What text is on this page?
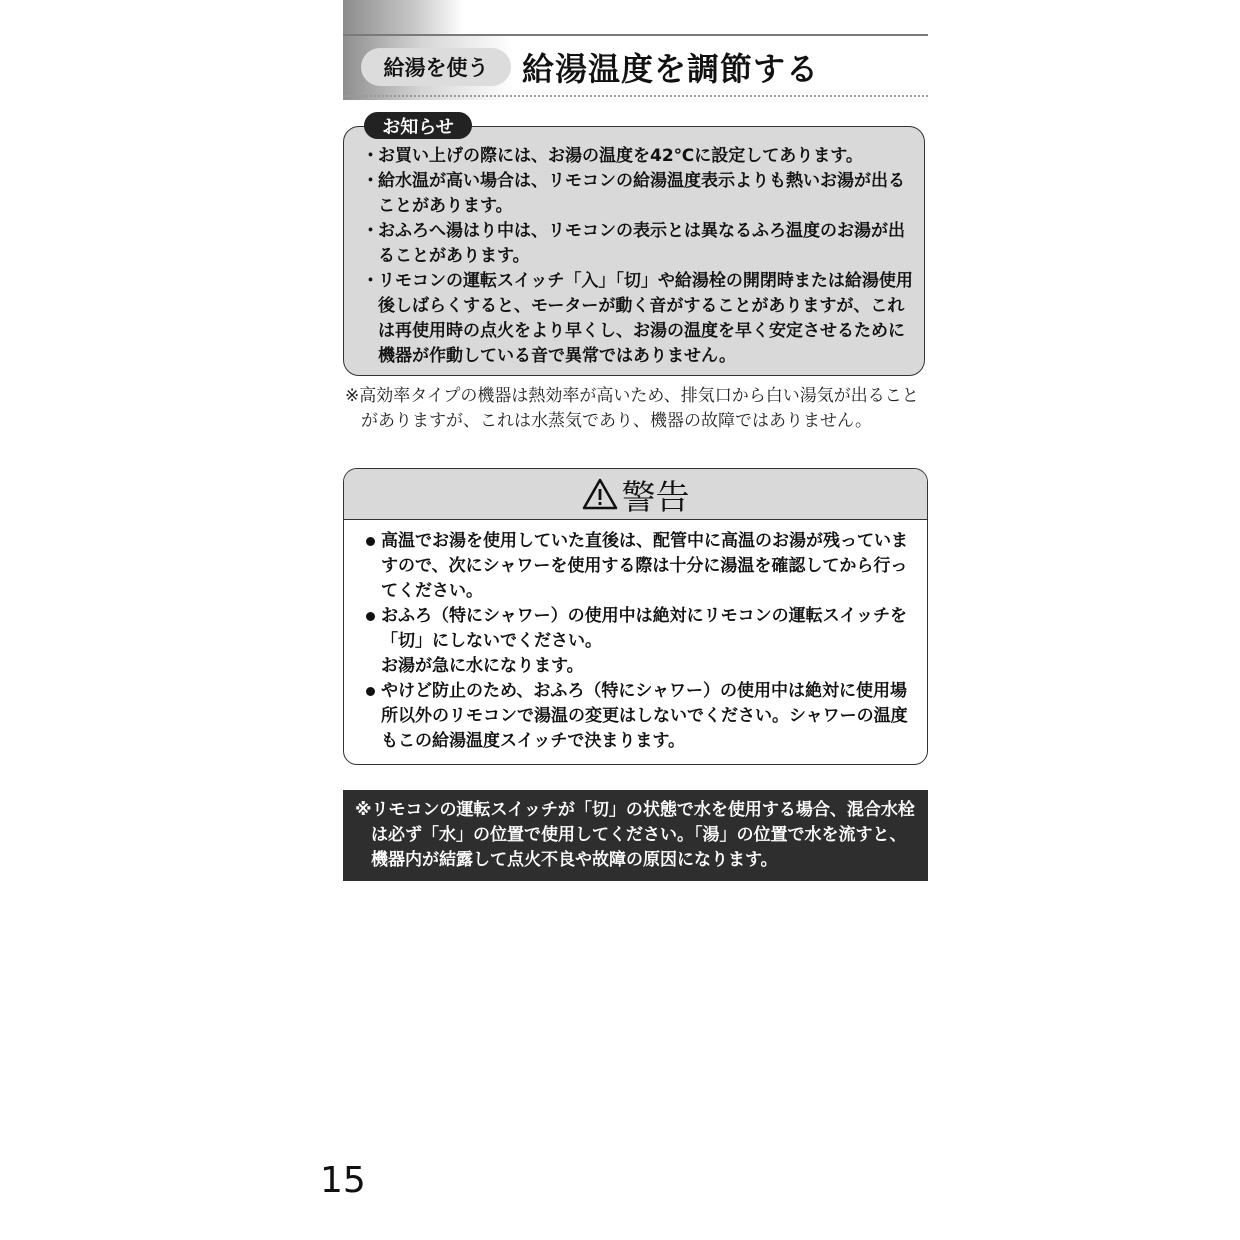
給湯を使う	給湯温度を調節する
お知らせ
・ お買い上げの際には、お湯の温度を42℃に設定してあります。
・ 給水温が高い場合は、リモコンの給湯温度表示よりも熱いお湯が出ることがあります。
・ おふろへ湯はり中は、リモコンの表示とは異なるふろ温度のお湯が出ることがあります。
・ リモコンの運転スイッチ「入」「切」や給湯栓の開閉時または給湯使用後しばらくすると、モーターが動く音がすることがありますが、これは再使用時の点火をより早くし、お湯の温度を早く安定させるために機器が作動している音で異常ではありません。
※高効率タイプの機器は熱効率が高いため、排気口から白い湯気が出ることがありますが、これは水蒸気であり、機器の故障ではありません。
警告
高温でお湯を使用していた直後は、配管中に高温のお湯が残っていますので、次にシャワーを使用する際は十分に湯温を確認してから行ってください。
おふろ（特にシャワー）の使用中は絶対にリモコンの運転スイッチを「切」にしないでください。
お湯が急に水になります。
やけど防止のため、おふろ（特にシャワー）の使用中は絶対に使用場所以外のリモコンで湯温の変更はしないでください。シャワーの温度もこの給湯温度スイッチで決まります。
※リモコンの運転スイッチが「切」の状態で水を使用する場合、混合水栓は必ず「水」の位置で使用してください。「湯」の位置で水を流すと、機器内が結露して点火不良や故障の原因になります。
15
